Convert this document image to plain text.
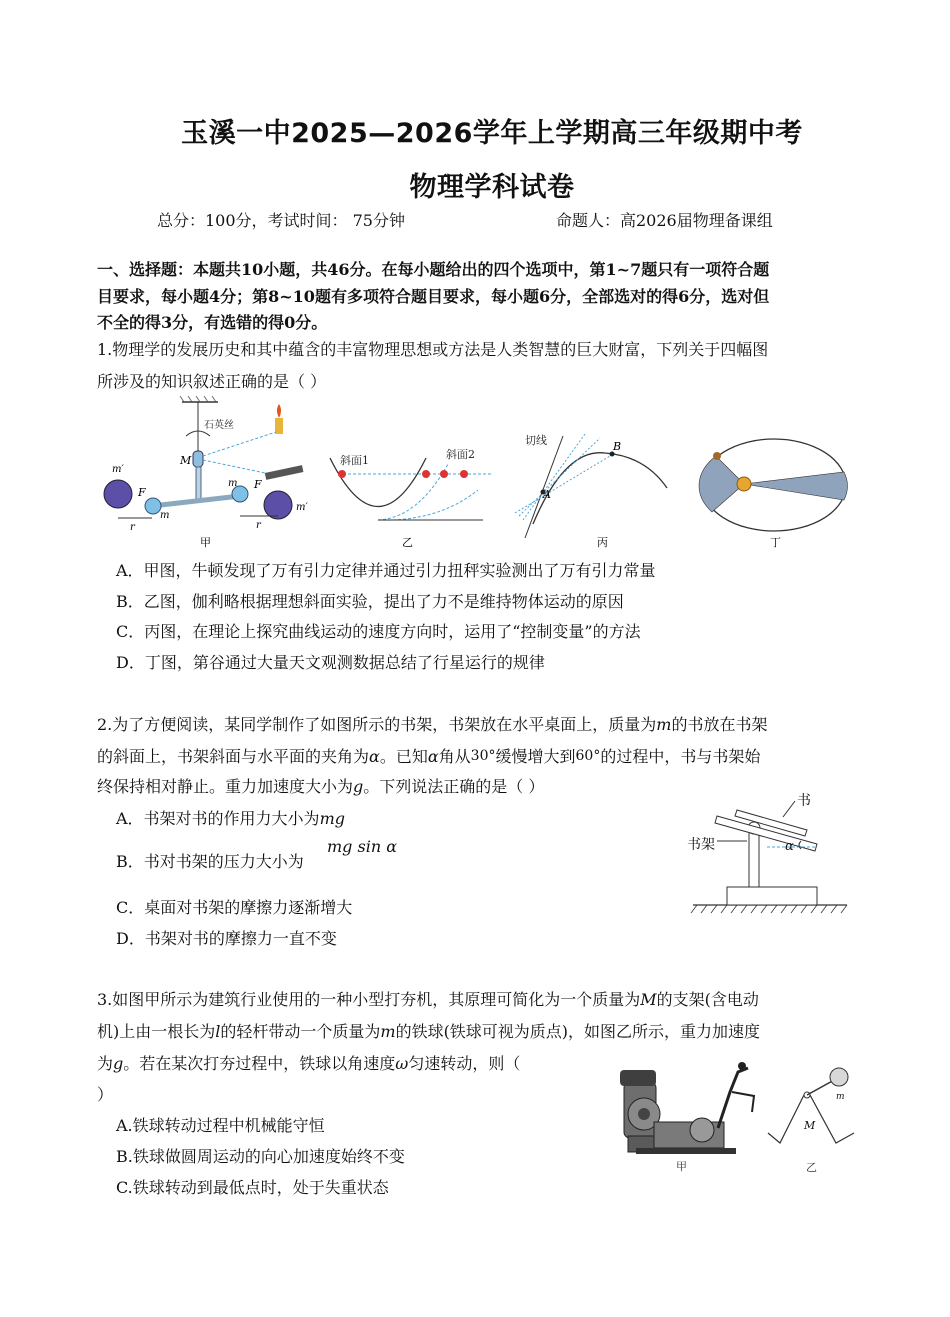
玉溪一中2025—2026学年上学期高三年级期中考
物理学科试卷
总分：100分，考试时间： 75分钟	命题人：高2026届物理备课组
一、选择题：本题共10小题，共46分。在每小题给出的四个选项中，第1~7题只有一项符合题
目要求，每小题4分；第8~10题有多项符合题目要求，每小题6分，全部选对的得6分，选对但
不全的得3分，有选错的得0分。
1.物理学的发展历史和其中蕴含的丰富物理思想或方法是人类智慧的巨大财富，下列关于四幅图
所涉及的知识叙述正确的是（ ）
石英丝
M
m′
m′
F
F
m
m
r	r
甲
斜面1	斜面2
乙
切线
A
B
丙	丁
A．甲图，牛顿发现了万有引力定律并通过引力扭秤实验测出了万有引力常量
B．乙图，伽利略根据理想斜面实验，提出了力不是维持物体运动的原因
C．丙图，在理论上探究曲线运动的速度方向时，运用了“控制变量”的方法
D．丁图，第谷通过大量天文观测数据总结了行星运行的规律
2.为了方便阅读，某同学制作了如图所示的书架，书架放在水平桌面上，质量为m的书放在书架
的斜面上，书架斜面与水平面的夹角为α。已知α角从30°缓慢增大到60°的过程中，书与书架始
终保持相对静止。重力加速度大小为g。下列说法正确的是（ ）
A．书架对书的作用力大小为mg
mg sin α
B．书对书架的压力大小为
C．桌面对书架的摩擦力逐渐增大
D．书架对书的摩擦力一直不变
α
书
书架
3.如图甲所示为建筑行业使用的一种小型打夯机，其原理可简化为一个质量为M的支架(含电动
机)上由一根长为l的轻杆带动一个质量为m的铁球(铁球可视为质点)，如图乙所示，重力加速度
为g。若在某次打夯过程中，铁球以角速度ω匀速转动，则（
）
A.铁球转动过程中机械能守恒
B.铁球做圆周运动的向心加速度始终不变
C.铁球转动到最低点时，处于失重状态
甲
M
m
乙
